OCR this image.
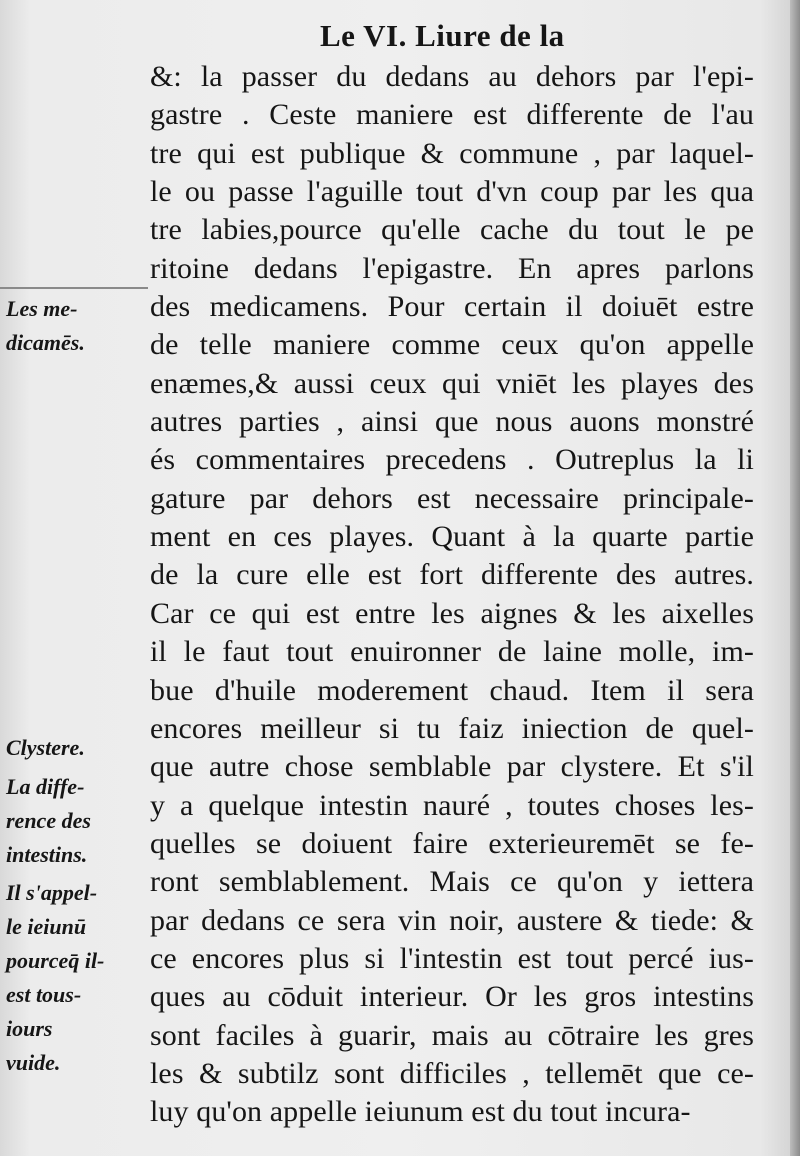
Le VI. Liure de la
&: la passer du dedans au dehors par l'epi-
gastre . Ceste maniere est differente de l'au
tre qui est publique & commune , par laquel-
le ou passe l'aguille tout d'vn coup par les qua
tre labies,pource qu'elle cache du tout le pe
ritoine dedans l'epigastre. En apres parlons
des medicamens. Pour certain il doiuēt estre
de telle maniere comme ceux qu'on appelle
enæmes,& aussi ceux qui vniēt les playes des
autres parties , ainsi que nous auons monstré
és commentaires precedens . Outreplus la li
gature par dehors est necessaire principale-
ment en ces playes. Quant à la quarte partie
de la cure elle est fort differente des autres.
Car ce qui est entre les aignes & les aixelles
il le faut tout enuironner de laine molle, im-
bue d'huile moderement chaud. Item il sera
encores meilleur si tu faiz iniection de quel-
que autre chose semblable par clystere. Et s'il
y a quelque intestin nauré , toutes choses les-
quelles se doiuent faire exterieuremēt se fe-
ront semblablement. Mais ce qu'on y iettera
par dedans ce sera vin noir, austere & tiede: &
ce encores plus si l'intestin est tout percé ius-
ques au cōduit interieur. Or les gros intestins
sont faciles à guarir, mais au cōtraire les gres
les & subtilz sont difficiles , tellemēt que ce-
luy qu'on appelle ieiunum est du tout incura-
Les me-
dicamēs.
Clystere.
La diffe-
rence des
intestins.
Il s'appel-
le ieiunū
pourceq̄ il-
est tous-
iours
vuide.
